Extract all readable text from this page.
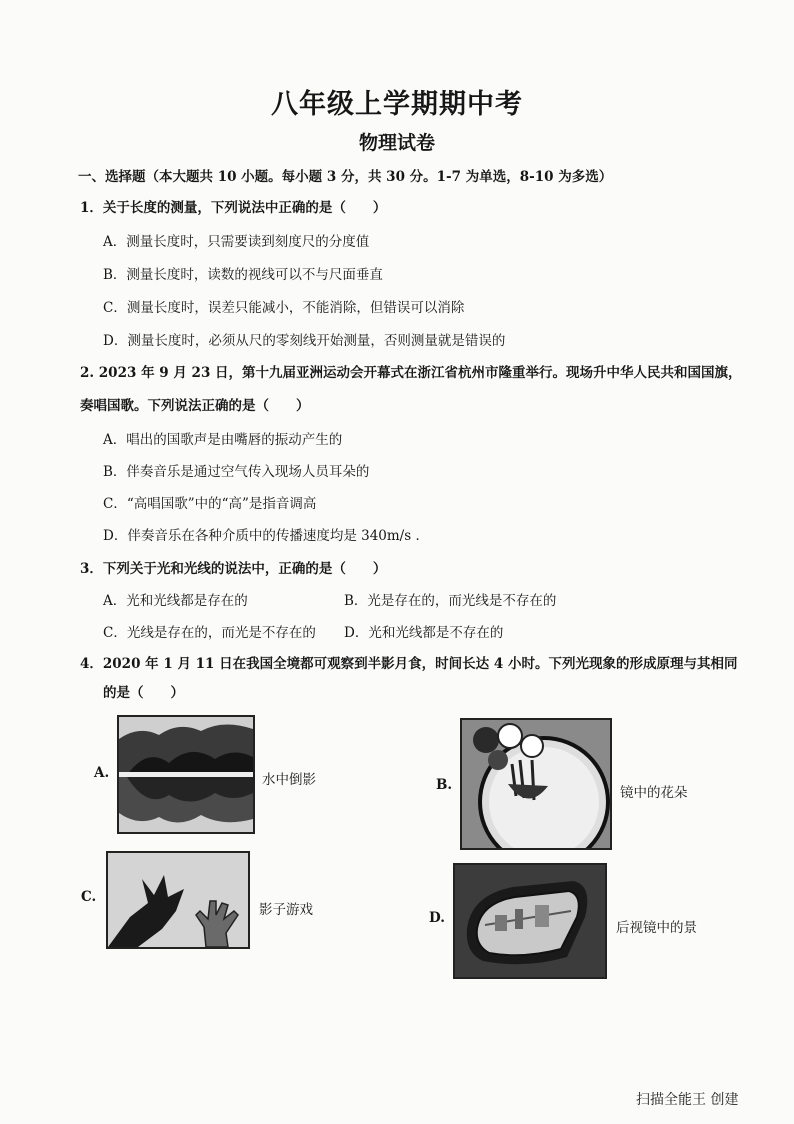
八年级上学期期中考
物理试卷
一、选择题（本大题共 10 小题。每小题 3 分，共 30 分。1-7 为单选，8-10 为多选）
1．关于长度的测量，下列说法中正确的是（　　）
A．测量长度时，只需要读到刻度尺的分度值
B．测量长度时，读数的视线可以不与尺面垂直
C．测量长度时，误差只能减小，不能消除，但错误可以消除
D．测量长度时，必须从尺的零刻线开始测量，否则测量就是错误的
2. 2023 年 9 月 23 日，第十九届亚洲运动会开幕式在浙江省杭州市隆重举行。现场升中华人民共和国国旗，
奏唱国歌。下列说法正确的是（　　）
A．唱出的国歌声是由嘴唇的振动产生的
B．伴奏音乐是通过空气传入现场人员耳朵的
C．“高唱国歌”中的“高”是指音调高
D．伴奏音乐在各种介质中的传播速度均是 340m/s ．
3．下列关于光和光线的说法中，正确的是（　　）
A．光和光线都是存在的	B．光是存在的，而光线是不存在的
C．光线是存在的，而光是不存在的 D．光和光线都是不存在的
4．2020 年 1 月 11 日在我国全境都可观察到半影月食，时间长达 4 小时。下列光现象的形成原理与其相同
的是（　　）
A.	水中倒影	B.	镜中的花朵
C.
影子游戏	D.
后视镜中的景
扫描全能王 创建
